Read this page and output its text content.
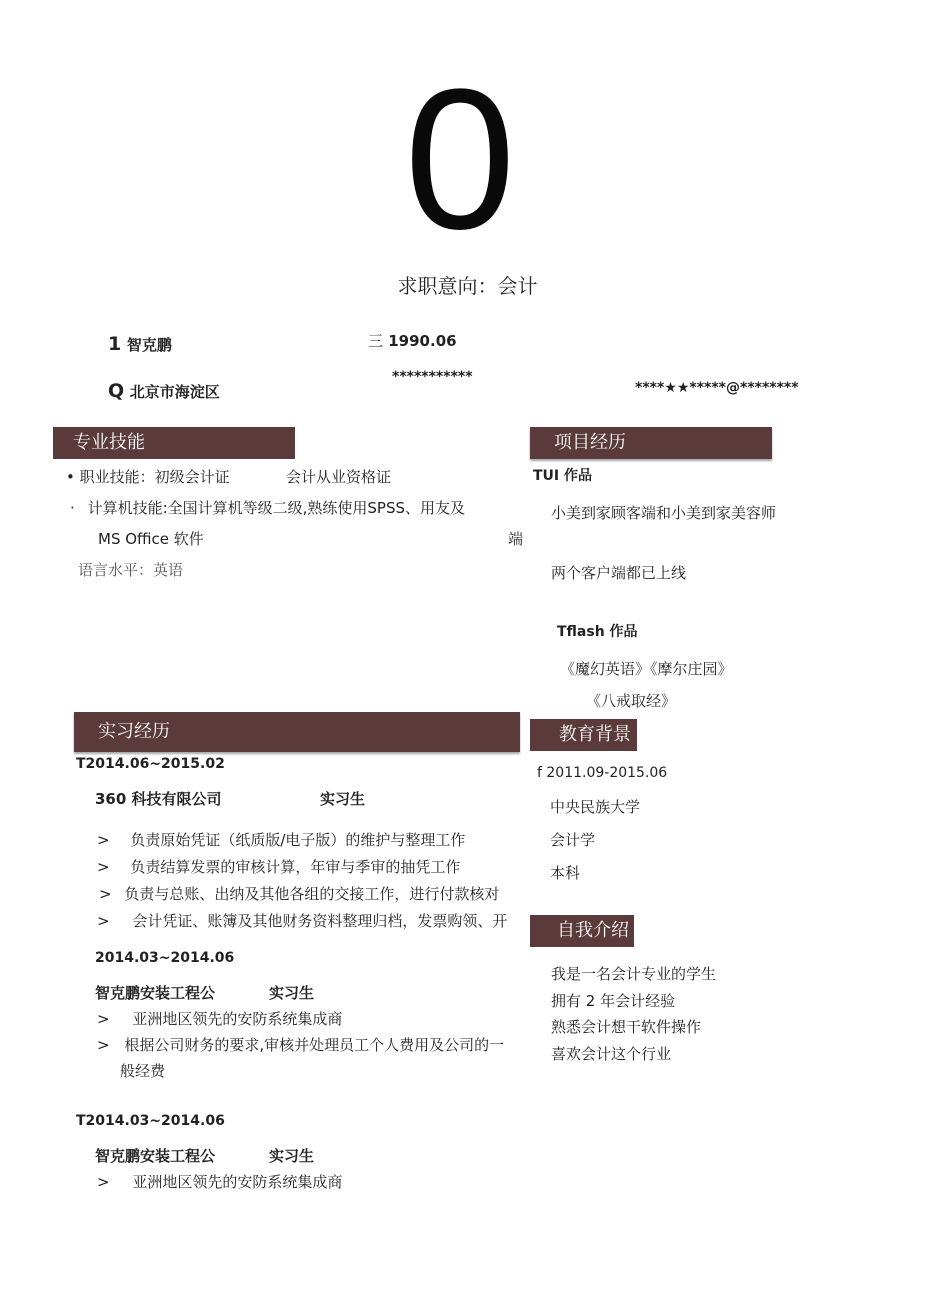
0
求职意向：会计
1 智克鹏	三 1990.06
***********
Q 北京市海淀区	****★★*****@********
专业技能
• 职业技能：初级会计证	会计从业资格证
· 计算机技能:全国计算机等级二级,熟练使用SPSS、用友及
MS Office 软件	端
语言水平：英语
项目经历
TUI 作品
小美到家顾客端和小美到家美容师
两个客户端都已上线
Tflash 作品
《魔幻英语》《摩尔庄园》
《八戒取经》
实习经历
T2014.06~2015.02
360 科技有限公司	实习生
> 负责原始凭证（纸质版/电子版）的维护与整理工作
> 负责结算发票的审核计算，年审与季审的抽凭工作
> 负责与总账、出纳及其他各组的交接工作，进行付款核对
> 会计凭证、账簿及其他财务资料整理归档，发票购领、开
2014.03~2014.06
智克鹏安装工程公	实习生
> 亚洲地区领先的安防系统集成商
> 根据公司财务的要求,审核并处理员工个人费用及公司的一
般经费
T2014.03~2014.06
智克鹏安装工程公	实习生
> 亚洲地区领先的安防系统集成商
教育背景
f 2011.09-2015.06
中央民族大学
会计学
本科
自我介绍
我是一名会计专业的学生
拥有 2 年会计经验
熟悉会计想干软件操作
喜欢会计这个行业
